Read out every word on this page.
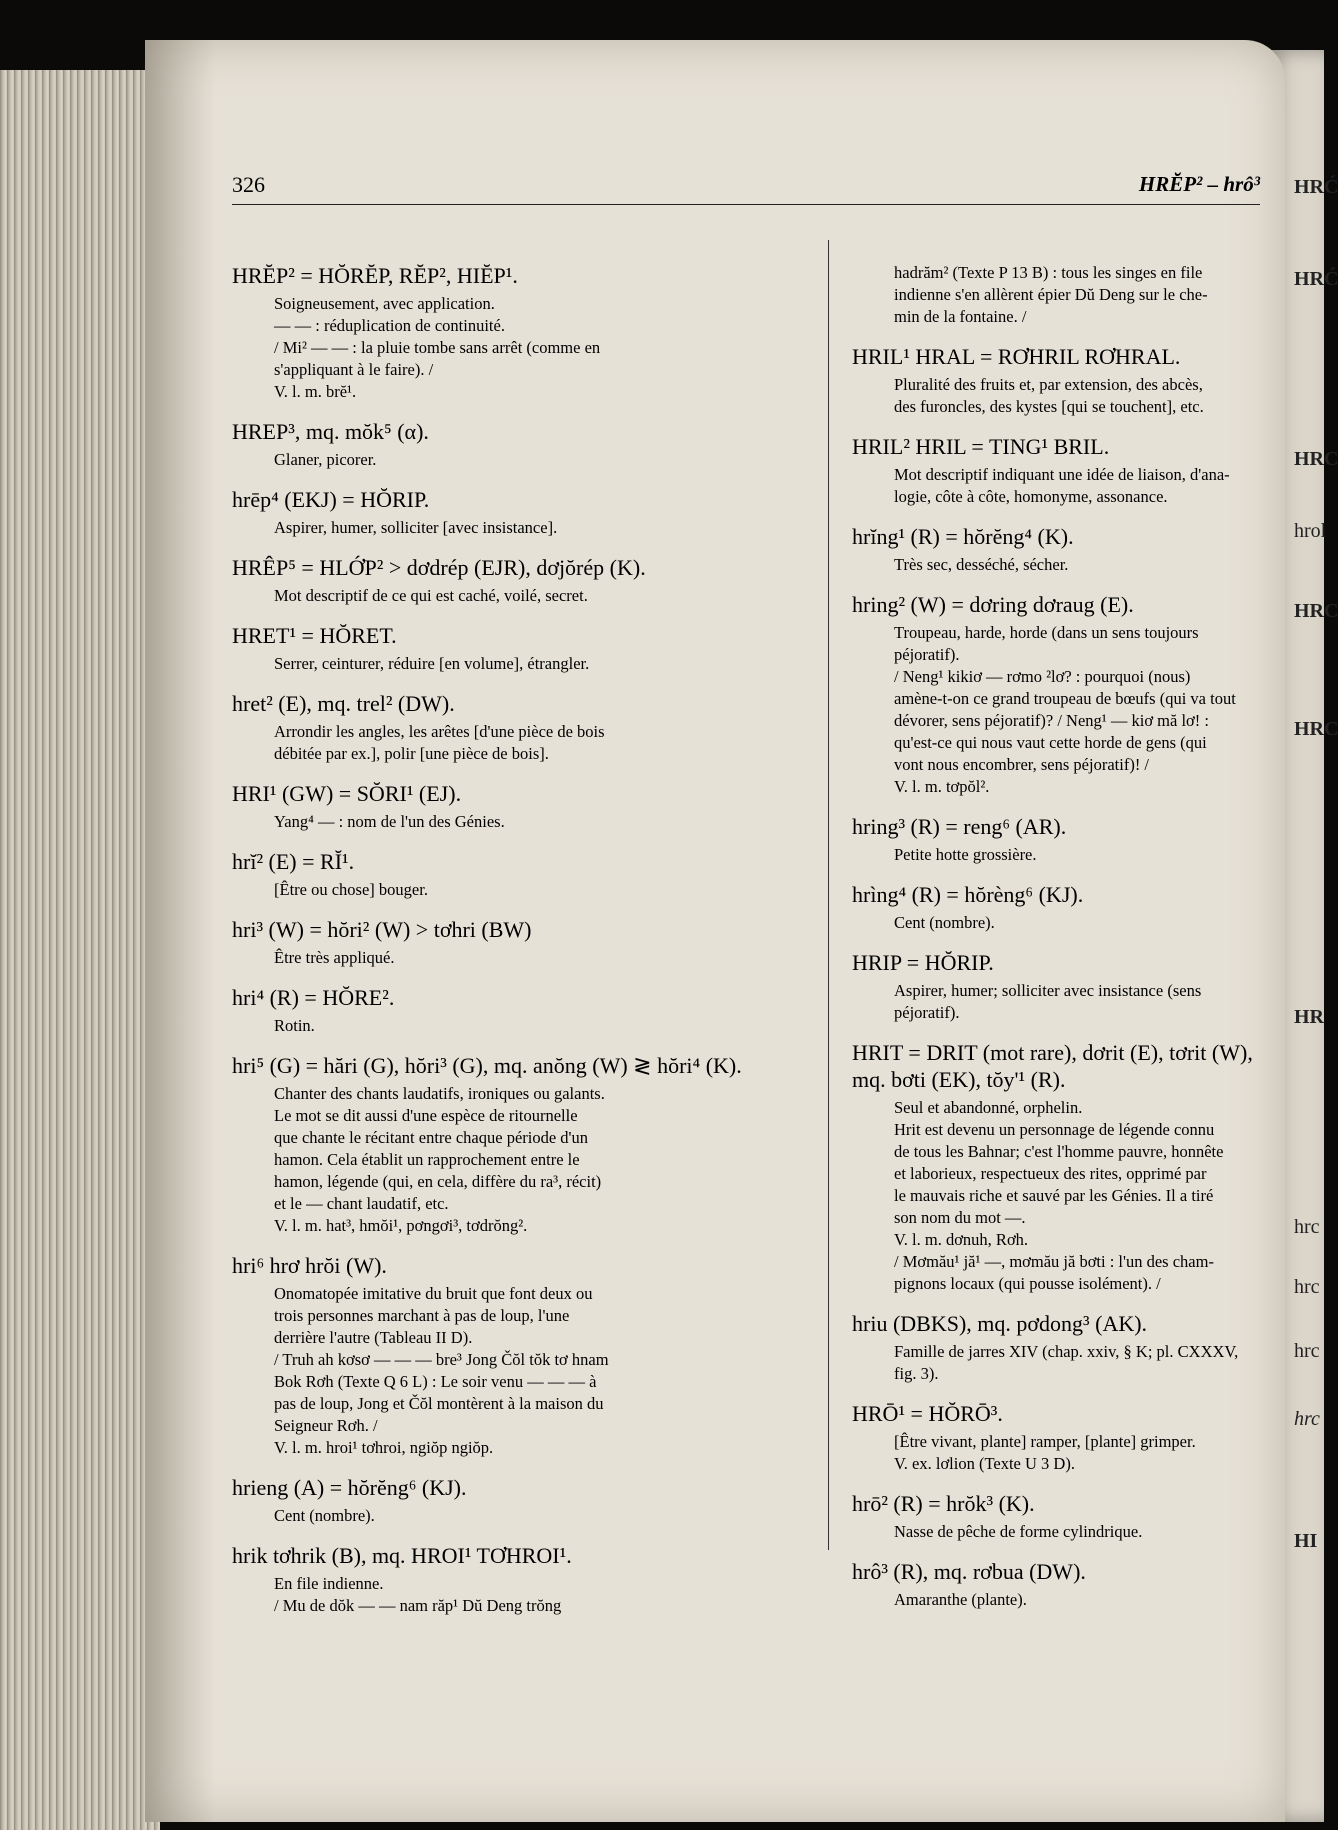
HRĆ
HRĆ
HRC
hrol
HRC
HRC
HR
hrc
hrc
hrc
hrc
HI
326	HRĔP² – hrô³
HRĔP² = HŎRĔP, RĔP², HIĔP¹.
Soigneusement, avec application.
— — : réduplication de continuité.
/ Mi² — — : la pluie tombe sans arrêt (comme en
s'appliquant à le faire). /
V. l. m. brĕ¹.
HREP³, mq. mŏk⁵ (α).
Glaner, picorer.
hrēp⁴ (EKJ) = HŎRIP.
Aspirer, humer, solliciter [avec insistance].
HRÊP⁵ = HLỚP² > dơdrép (EJR), dơjŏrép (K).
Mot descriptif de ce qui est caché, voilé, secret.
HRET¹ = HŎRET.
Serrer, ceinturer, réduire [en volume], étrangler.
hret² (E), mq. trel² (DW).
Arrondir les angles, les arêtes [d'une pièce de bois
débitée par ex.], polir [une pièce de bois].
HRI¹ (GW) = SŎRI¹ (EJ).
Yang⁴ — : nom de l'un des Génies.
hrĭ² (E) = RĬ¹.
[Être ou chose] bouger.
hri³ (W) = hŏri² (W) > tơhri (BW)
Être très appliqué.
hri⁴ (R) = HŎRE².
Rotin.
hri⁵ (G) = hări (G), hŏri³ (G), mq. anŏng (W) ≷ hŏri⁴ (K).
Chanter des chants laudatifs, ironiques ou galants.
Le mot se dit aussi d'une espèce de ritournelle
que chante le récitant entre chaque période d'un
hamon. Cela établit un rapprochement entre le
hamon, légende (qui, en cela, diffère du ra³, récit)
et le — chant laudatif, etc.
V. l. m. hat³, hmŏi¹, pơngơi³, tơdrŏng².
hri⁶ hrơ hrŏi (W).
Onomatopée imitative du bruit que font deux ou
trois personnes marchant à pas de loup, l'une
derrière l'autre (Tableau II D).
/ Truh ah kơsơ — — — bre³ Jong Čŏl tŏk tơ hnam
Bok Rơh (Texte Q 6 L) : Le soir venu — — — à
pas de loup, Jong et Čŏl montèrent à la maison du
Seigneur Rơh. /
V. l. m. hroi¹ tơhroi, ngiŏp ngiŏp.
hrieng (A) = hŏrĕng⁶ (KJ).
Cent (nombre).
hrik tơhrik (B), mq. HROI¹ TƠHROI¹.
En file indienne.
/ Mu de dŏk — — nam răp¹ Dŭ Deng trŏng
hadrăm² (Texte P 13 B) : tous les singes en file
indienne s'en allèrent épier Dŭ Deng sur le che-
min de la fontaine. /
HRIL¹ HRAL = RƠHRIL RƠHRAL.
Pluralité des fruits et, par extension, des abcès,
des furoncles, des kystes [qui se touchent], etc.
HRIL² HRIL = TING¹ BRIL.
Mot descriptif indiquant une idée de liaison, d'ana-
logie, côte à côte, homonyme, assonance.
hrĭng¹ (R) = hŏrĕng⁴ (K).
Très sec, desséché, sécher.
hring² (W) = dơring dơraug (E).
Troupeau, harde, horde (dans un sens toujours
péjoratif).
/ Neng¹ kikiơ — rơmo ²lơ? : pourquoi (nous)
amène-t-on ce grand troupeau de bœufs (qui va tout
dévorer, sens péjoratif)? / Neng¹ — kiơ mă lơ! :
qu'est-ce qui nous vaut cette horde de gens (qui
vont nous encombrer, sens péjoratif)! /
V. l. m. tơpŏl².
hring³ (R) = reng⁶ (AR).
Petite hotte grossière.
hrìng⁴ (R) = hŏrèng⁶ (KJ).
Cent (nombre).
HRIP = HŎRIP.
Aspirer, humer; solliciter avec insistance (sens
péjoratif).
HRIT = DRIT (mot rare), dơrit (E), tơrit (W), mq. bơti (EK), tŏy'¹ (R).
Seul et abandonné, orphelin.
Hrit est devenu un personnage de légende connu
de tous les Bahnar; c'est l'homme pauvre, honnête
et laborieux, respectueux des rites, opprimé par
le mauvais riche et sauvé par les Génies. Il a tiré
son nom du mot —.
V. l. m. dơnuh, Rơh.
/ Mơmău¹ jă¹ —, mơmău jă bơti : l'un des cham-
pignons locaux (qui pousse isolément). /
hriu (DBKS), mq. pơdong³ (AK).
Famille de jarres XIV (chap. xxiv, § K; pl. CXXXV,
fig. 3).
HRŌ¹ = HŎRŌ³.
[Être vivant, plante] ramper, [plante] grimper.
V. ex. lơlion (Texte U 3 D).
hrō² (R) = hrŏk³ (K).
Nasse de pêche de forme cylindrique.
hrô³ (R), mq. rơbua (DW).
Amaranthe (plante).
